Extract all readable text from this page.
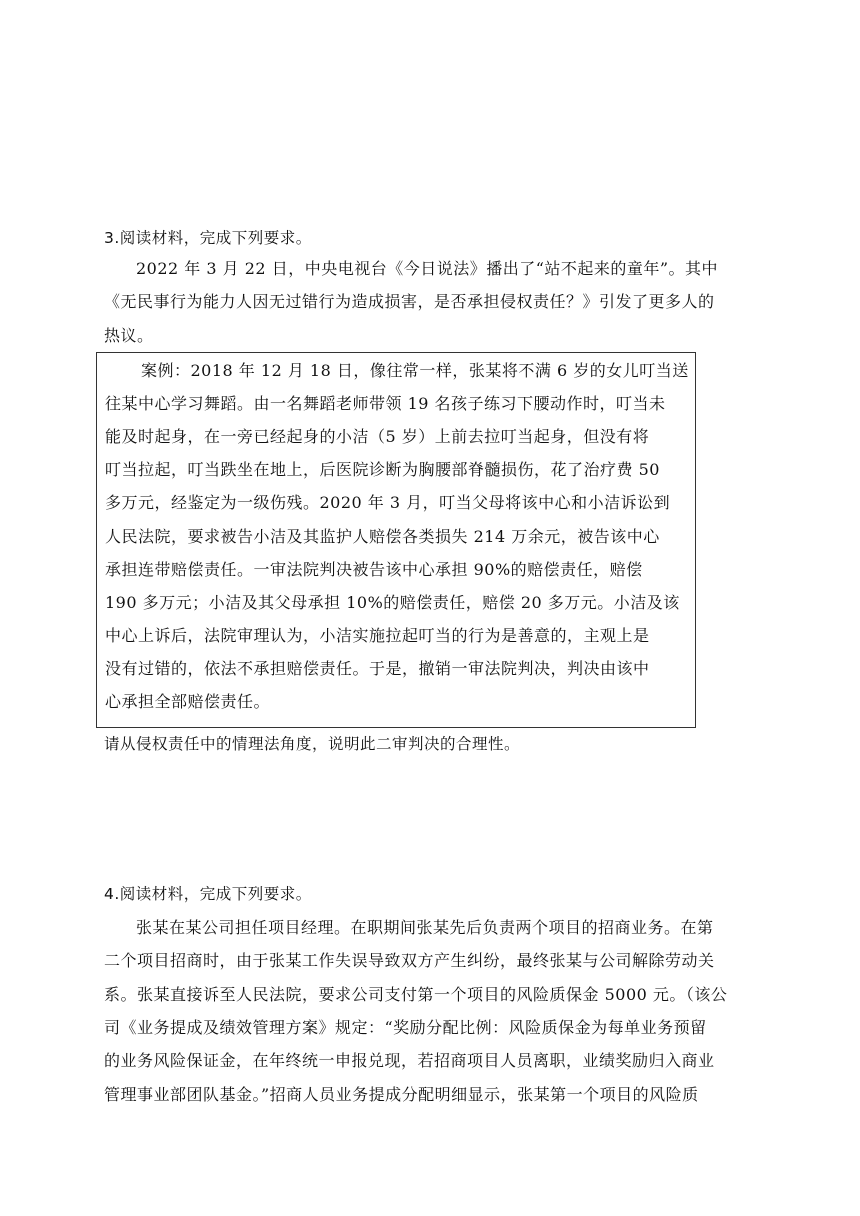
3.阅读材料，完成下列要求。
2022 年 3 月 22 日，中央电视台《今日说法》播出了“站不起来的童年”。其中
《无民事行为能力人因无过错行为造成损害，是否承担侵权责任？》引发了更多人的
热议。
案例：2018 年 12 月 18 日，像往常一样，张某将不满 6 岁的女儿叮当送
往某中心学习舞蹈。由一名舞蹈老师带领 19 名孩子练习下腰动作时，叮当未
能及时起身，在一旁已经起身的小洁（5 岁）上前去拉叮当起身，但没有将
叮当拉起，叮当跌坐在地上，后医院诊断为胸腰部脊髓损伤，花了治疗费 50
多万元，经鉴定为一级伤残。2020 年 3 月，叮当父母将该中心和小洁诉讼到
人民法院，要求被告小洁及其监护人赔偿各类损失 214 万余元，被告该中心
承担连带赔偿责任。一审法院判决被告该中心承担 90%的赔偿责任，赔偿
190 多万元；小洁及其父母承担 10%的赔偿责任，赔偿 20 多万元。小洁及该
中心上诉后，法院审理认为，小洁实施拉起叮当的行为是善意的，主观上是
没有过错的，依法不承担赔偿责任。于是，撤销一审法院判决，判决由该中
心承担全部赔偿责任。
请从侵权责任中的情理法角度，说明此二审判决的合理性。
4.阅读材料，完成下列要求。
张某在某公司担任项目经理。在职期间张某先后负责两个项目的招商业务。在第
二个项目招商时，由于张某工作失误导致双方产生纠纷，最终张某与公司解除劳动关
系。张某直接诉至人民法院，要求公司支付第一个项目的风险质保金 5000 元。（该公
司《业务提成及绩效管理方案》规定：“奖励分配比例：风险质保金为每单业务预留
的业务风险保证金，在年终统一申报兑现，若招商项目人员离职，业绩奖励归入商业
管理事业部团队基金。”招商人员业务提成分配明细显示，张某第一个项目的风险质
